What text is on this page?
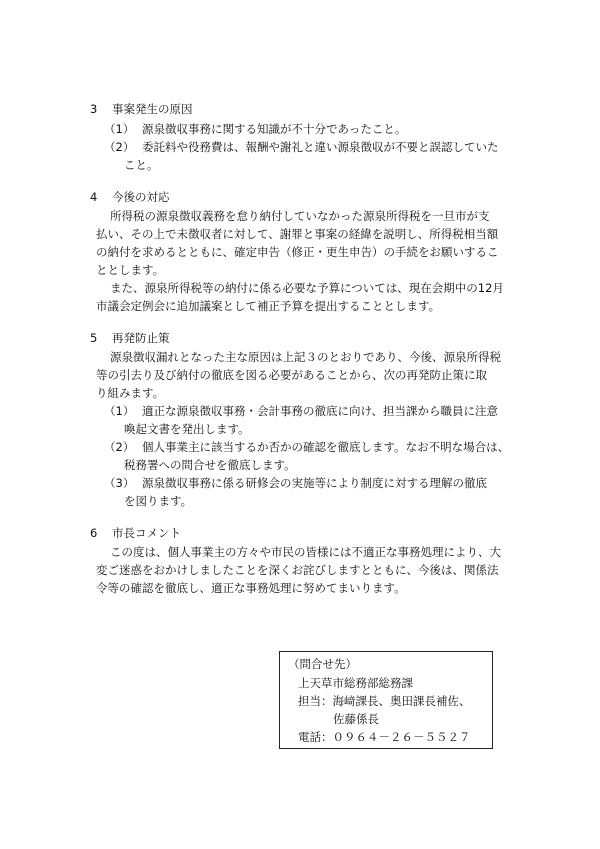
3 事案発生の原因
（1） 源泉徴収事務に関する知識が不十分であったこと。
（2） 委託料や役務費は、報酬や謝礼と違い源泉徴収が不要と誤認していた
こと。
4 今後の対応
所得税の源泉徴収義務を怠り納付していなかった源泉所得税を一旦市が支
払い、その上で未徴収者に対して、謝罪と事案の経緯を説明し、所得税相当額
の納付を求めるとともに、確定申告（修正・更生申告）の手続をお願いするこ
ととします。
また、源泉所得税等の納付に係る必要な予算については、現在会期中の12月
市議会定例会に追加議案として補正予算を提出することとします。
5 再発防止策
源泉徴収漏れとなった主な原因は上記３のとおりであり、今後、源泉所得税
等の引去り及び納付の徹底を図る必要があることから、次の再発防止策に取
り組みます。
（1） 適正な源泉徴収事務・会計事務の徹底に向け、担当課から職員に注意
喚起文書を発出します。
（2） 個人事業主に該当するか否かの確認を徹底します。なお不明な場合は、
税務署への問合せを徹底します。
（3） 源泉徴収事務に係る研修会の実施等により制度に対する理解の徹底
を図ります。
6 市長コメント
この度は、個人事業主の方々や市民の皆様には不適正な事務処理により、大
変ご迷惑をおかけしましたことを深くお詫びしますとともに、今後は、関係法
令等の確認を徹底し、適正な事務処理に努めてまいります。
（問合せ先）
上天草市総務部総務課
担当：海﨑課長、奥田課長補佐、
佐藤係長
電話：０９６４－２６－５５２７
